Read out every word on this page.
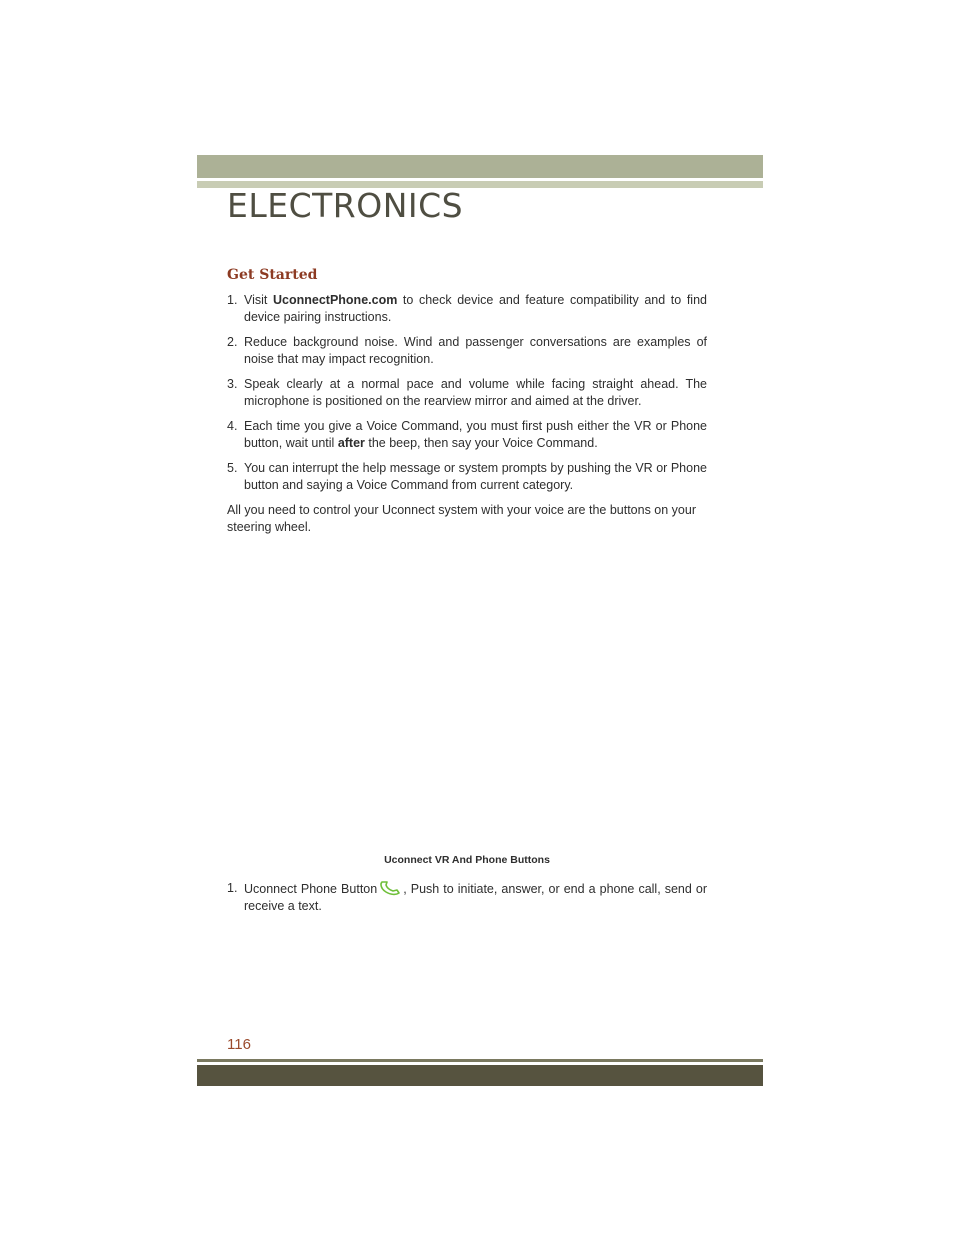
ELECTRONICS
Get Started
1. Visit UconnectPhone.com to check device and feature compatibility and to find device pairing instructions.
2. Reduce background noise. Wind and passenger conversations are examples of noise that may impact recognition.
3. Speak clearly at a normal pace and volume while facing straight ahead. The microphone is positioned on the rearview mirror and aimed at the driver.
4. Each time you give a Voice Command, you must first push either the VR or Phone button, wait until after the beep, then say your Voice Command.
5. You can interrupt the help message or system prompts by pushing the VR or Phone button and saying a Voice Command from current category.

All you need to control your Uconnect system with your voice are the buttons on your steering wheel.

Uconnect VR And Phone Buttons

1. Uconnect Phone Button , Push to initiate, answer, or end a phone call, send or receive a text.

116
